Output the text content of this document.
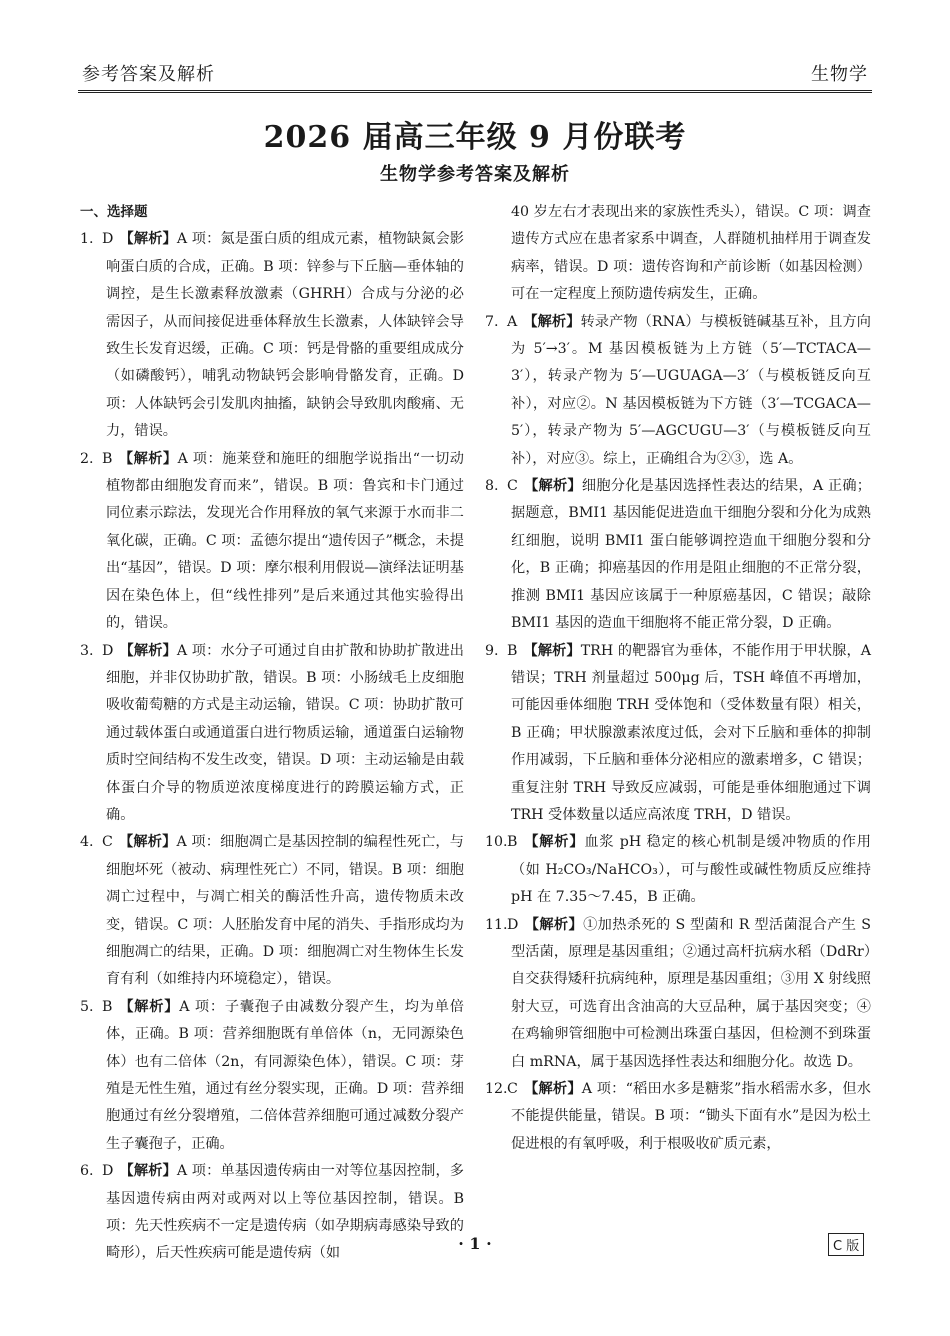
参考答案及解析	生物学
2026 届高三年级 9 月份联考
生物学参考答案及解析
一、选择题

1. D 【解析】A 项：氮是蛋白质的组成元素，植物缺氮会影响蛋白质的合成，正确。B 项：锌参与下丘脑—垂体轴的调控，是生长激素释放激素（GHRH）合成与分泌的必需因子，从而间接促进垂体释放生长激素，人体缺锌会导致生长发育迟缓，正确。C 项：钙是骨骼的重要组成成分（如磷酸钙），哺乳动物缺钙会影响骨骼发育，正确。D 项：人体缺钙会引发肌肉抽搐，缺钠会导致肌肉酸痛、无力，错误。

2. B 【解析】A 项：施莱登和施旺的细胞学说指出“一切动植物都由细胞发育而来”，错误。B 项：鲁宾和卡门通过同位素示踪法，发现光合作用释放的氧气来源于水而非二氧化碳，正确。C 项：孟德尔提出“遗传因子”概念，未提出“基因”，错误。D 项：摩尔根利用假说—演绎法证明基因在染色体上，但“线性排列”是后来通过其他实验得出的，错误。

3. D 【解析】A 项：水分子可通过自由扩散和协助扩散进出细胞，并非仅协助扩散，错误。B 项：小肠绒毛上皮细胞吸收葡萄糖的方式是主动运输，错误。C 项：协助扩散可通过载体蛋白或通道蛋白进行物质运输，通道蛋白运输物质时空间结构不发生改变，错误。D 项：主动运输是由载体蛋白介导的物质逆浓度梯度进行的跨膜运输方式，正确。

4. C 【解析】A 项：细胞凋亡是基因控制的编程性死亡，与细胞坏死（被动、病理性死亡）不同，错误。B 项：细胞凋亡过程中，与凋亡相关的酶活性升高，遗传物质未改变，错误。C 项：人胚胎发育中尾的消失、手指形成均为细胞凋亡的结果，正确。D 项：细胞凋亡对生物体生长发育有利（如维持内环境稳定），错误。

5. B 【解析】A 项：子囊孢子由减数分裂产生，均为单倍体，正确。B 项：营养细胞既有单倍体（n，无同源染色体）也有二倍体（2n，有同源染色体），错误。C 项：芽殖是无性生殖，通过有丝分裂实现，正确。D 项：营养细胞通过有丝分裂增殖，二倍体营养细胞可通过减数分裂产生子囊孢子，正确。

6. D 【解析】A 项：单基因遗传病由一对等位基因控制，多基因遗传病由两对或两对以上等位基因控制，错误。B 项：先天性疾病不一定是遗传病（如孕期病毒感染导致的畸形），后天性疾病可能是遗传病（如

40 岁左右才表现出来的家族性秃头），错误。C 项：调查遗传方式应在患者家系中调查，人群随机抽样用于调查发病率，错误。D 项：遗传咨询和产前诊断（如基因检测）可在一定程度上预防遗传病发生，正确。

7. A 【解析】转录产物（RNA）与模板链碱基互补，且方向为 5′→3′。M 基因模板链为上方链（5′—TCTACA—3′），转录产物为 5′—UGUAGA—3′（与模板链反向互补），对应②。N 基因模板链为下方链（3′—TCGACA—5′），转录产物为 5′—AGCUGU—3′（与模板链反向互补），对应③。综上，正确组合为②③，选 A。

8. C 【解析】细胞分化是基因选择性表达的结果，A 正确；据题意，BMI1 基因能促进造血干细胞分裂和分化为成熟红细胞，说明 BMI1 蛋白能够调控造血干细胞分裂和分化，B 正确；抑癌基因的作用是阻止细胞的不正常分裂，推测 BMI1 基因应该属于一种原癌基因，C 错误；敲除 BMI1 基因的造血干细胞将不能正常分裂，D 正确。

9. B 【解析】TRH 的靶器官为垂体，不能作用于甲状腺，A 错误；TRH 剂量超过 500μg 后，TSH 峰值不再增加，可能因垂体细胞 TRH 受体饱和（受体数量有限）相关，B 正确；甲状腺激素浓度过低，会对下丘脑和垂体的抑制作用减弱，下丘脑和垂体分泌相应的激素增多，C 错误；重复注射 TRH 导致反应减弱，可能是垂体细胞通过下调 TRH 受体数量以适应高浓度 TRH，D 错误。

10.B 【解析】血浆 pH 稳定的核心机制是缓冲物质的作用（如 H₂CO₃/NaHCO₃），可与酸性或碱性物质反应维持 pH 在 7.35～7.45，B 正确。

11.D 【解析】①加热杀死的 S 型菌和 R 型活菌混合产生 S 型活菌，原理是基因重组；②通过高杆抗病水稻（DdRr）自交获得矮秆抗病纯种，原理是基因重组；③用 X 射线照射大豆，可选育出含油高的大豆品种，属于基因突变；④在鸡输卵管细胞中可检测出珠蛋白基因，但检测不到珠蛋白 mRNA，属于基因选择性表达和细胞分化。故选 D。

12.C 【解析】A 项：“稻田水多是糖浆”指水稻需水多，但水不能提供能量，错误。B 项：“锄头下面有水”是因为松土促进根的有氧呼吸，利于根吸收矿质元素，

· 1 ·	C 版
